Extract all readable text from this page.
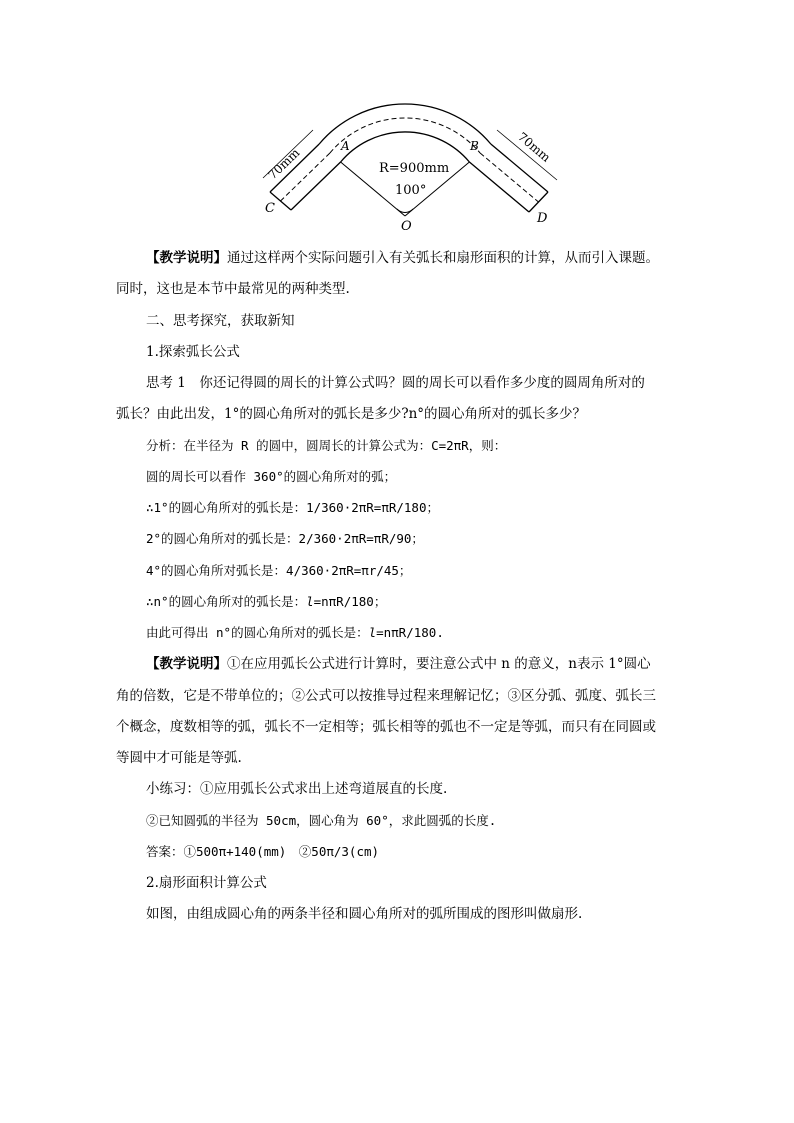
C
D
A	B
O
R=900mm
100°
70mm	70mm
【教学说明】通过这样两个实际问题引入有关弧长和扇形面积的计算，从而引入课题。
同时，这也是本节中最常见的两种类型.
二、思考探究，获取新知
1.探索弧长公式
思考 1　你还记得圆的周长的计算公式吗？圆的周长可以看作多少度的圆周角所对的
弧长？由此出发，1°的圆心角所对的弧长是多少?n°的圆心角所对的弧长多少？
分析：在半径为 R 的圆中，圆周长的计算公式为：C=2πR，则：
圆的周长可以看作 360°的圆心角所对的弧；
∴1°的圆心角所对的弧长是：1/360·2πR=πR/180；
2°的圆心角所对的弧长是：2/360·2πR=πR/90；
4°的圆心角所对弧长是：4/360·2πR=πr/45；
∴n°的圆心角所对的弧长是：l=nπR/180；
由此可得出 n°的圆心角所对的弧长是：l=nπR/180.
【教学说明】①在应用弧长公式进行计算时，要注意公式中 n 的意义，n表示 1°圆心
角的倍数，它是不带单位的；②公式可以按推导过程来理解记忆；③区分弧、弧度、弧长三
个概念，度数相等的弧，弧长不一定相等；弧长相等的弧也不一定是等弧，而只有在同圆或
等圆中才可能是等弧.
小练习：①应用弧长公式求出上述弯道展直的长度.
②已知圆弧的半径为 50cm，圆心角为 60°，求此圆弧的长度.
答案：①500π+140(mm)　②50π/3(cm)
2.扇形面积计算公式
如图，由组成圆心角的两条半径和圆心角所对的弧所围成的图形叫做扇形.
